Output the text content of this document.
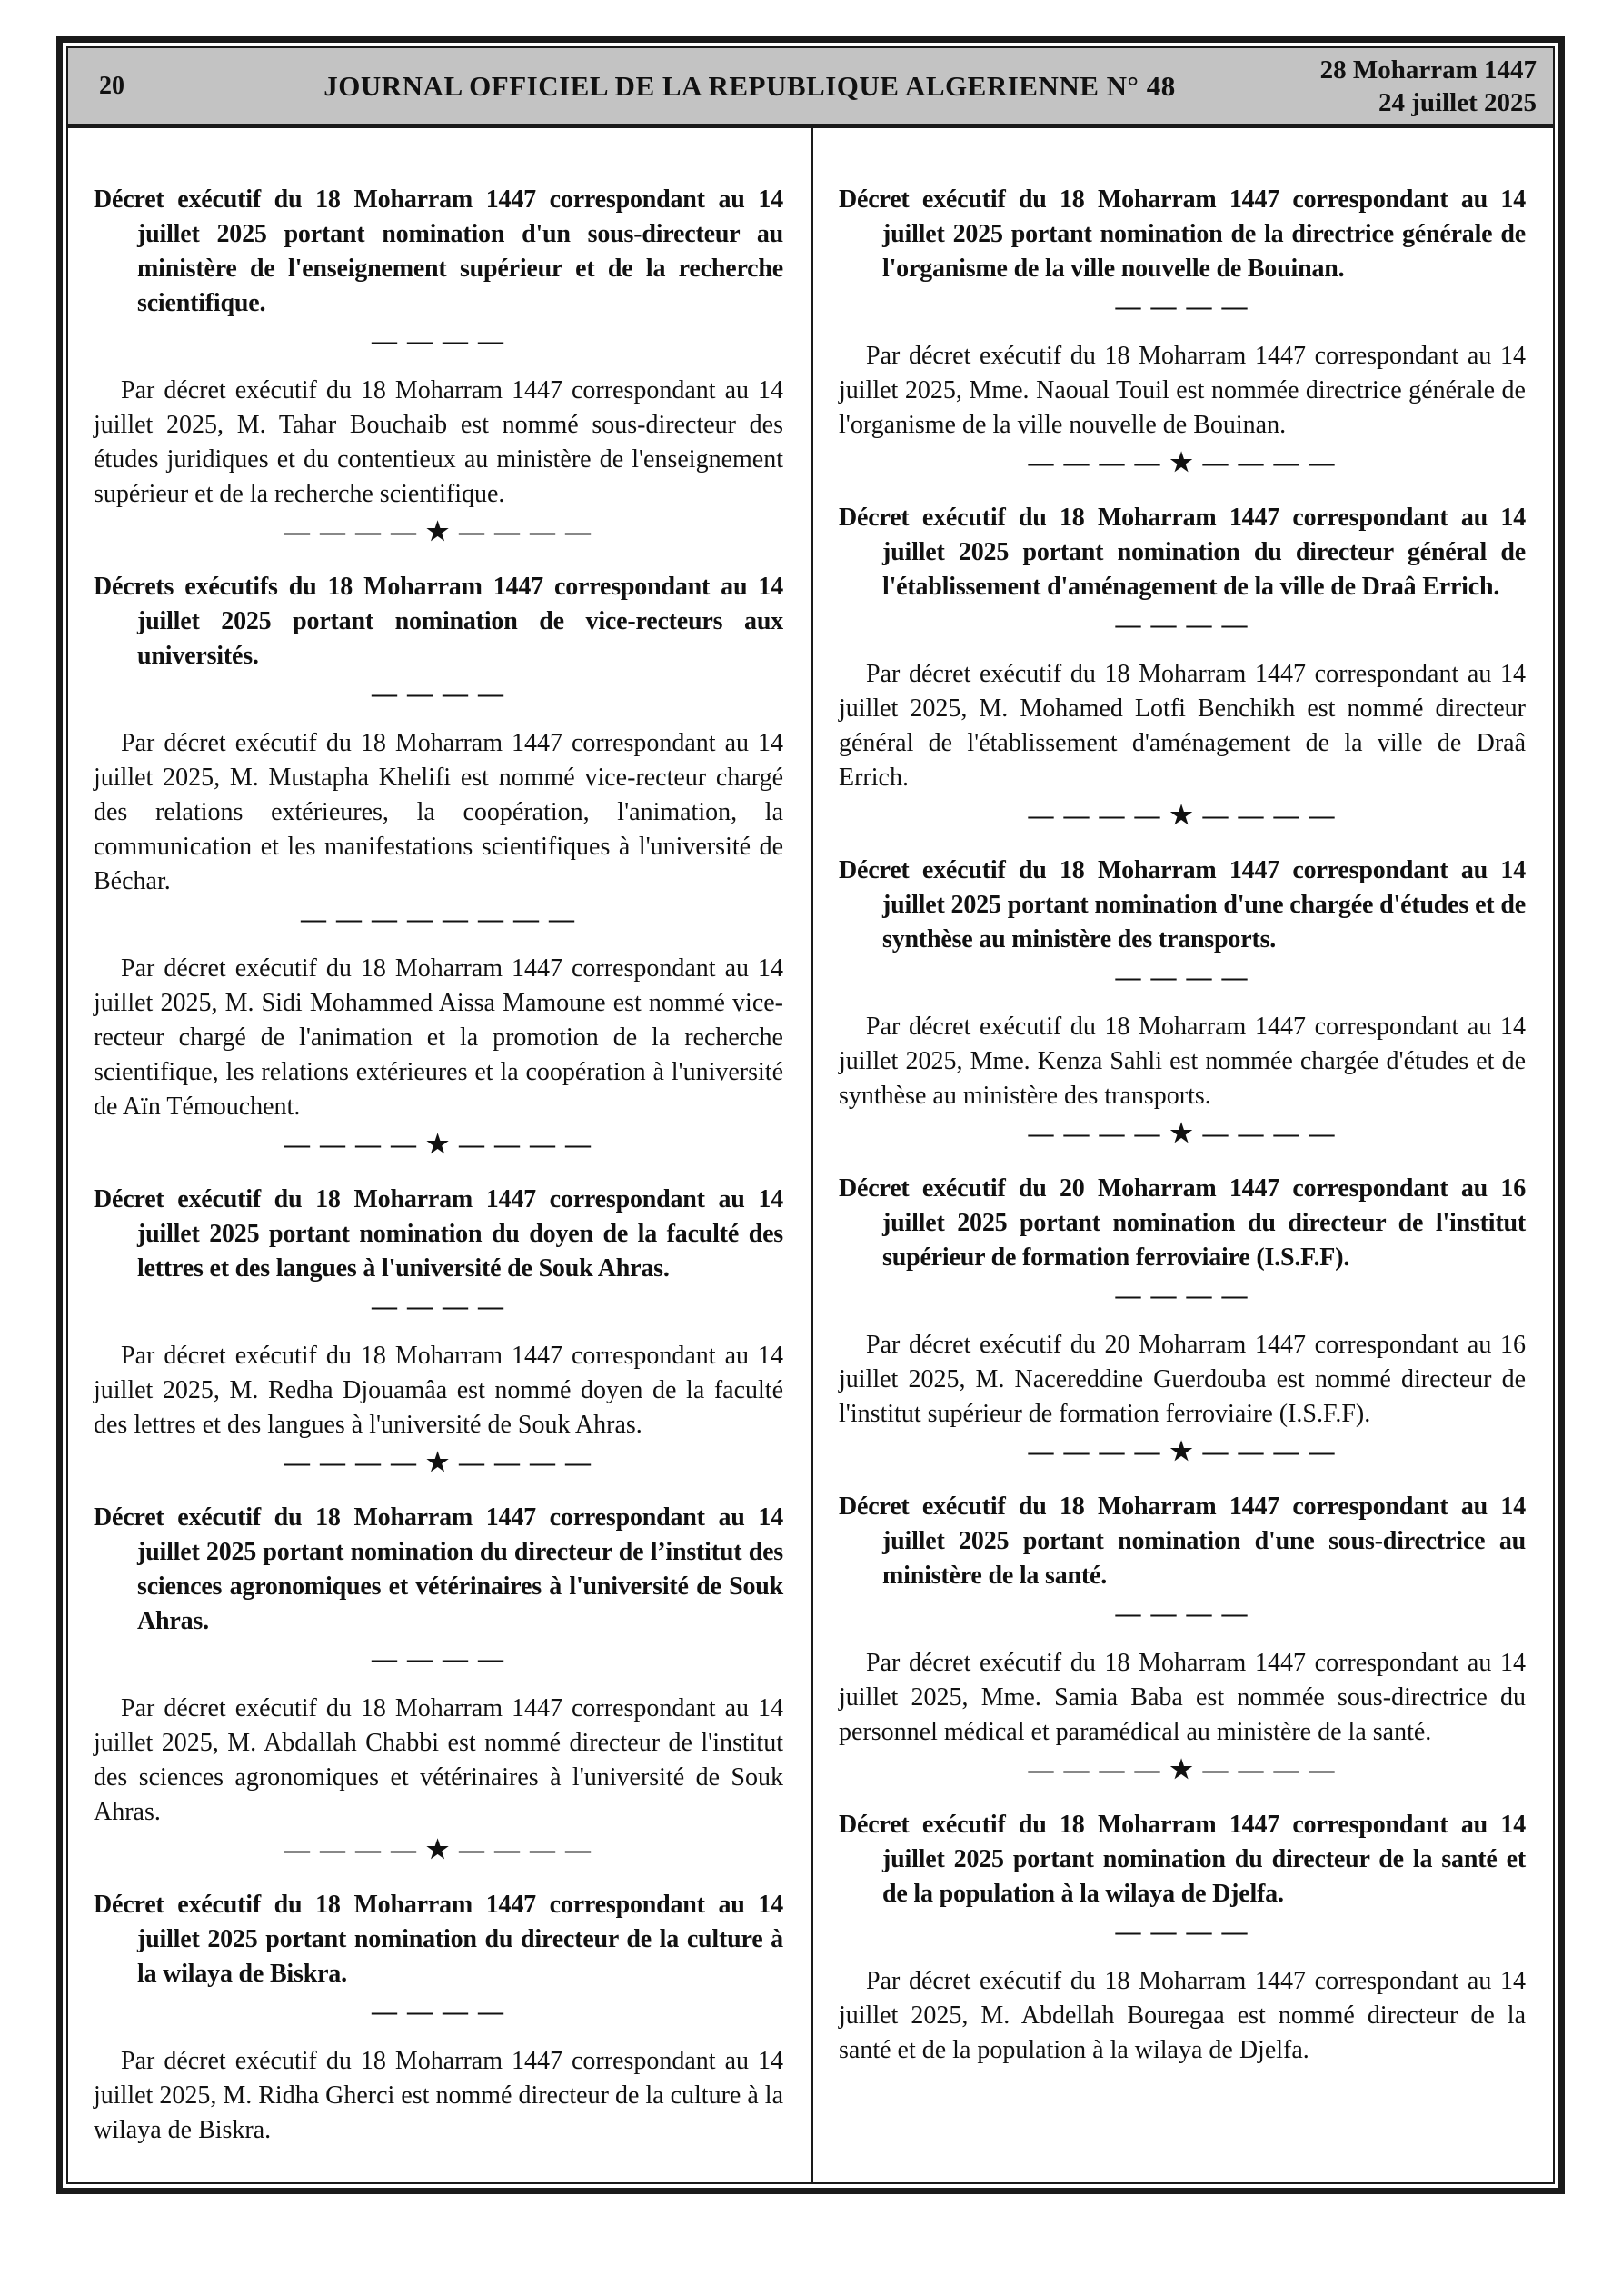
20	JOURNAL OFFICIEL DE LA REPUBLIQUE ALGERIENNE N° 48	28 Moharram 1447
24 juillet 2025
Décret exécutif du 18 Moharram 1447 correspondant au 14 juillet 2025 portant nomination d'un sous-directeur au ministère de l'enseignement supérieur et de la recherche scientifique.
— — — —

Par décret exécutif du 18 Moharram 1447 correspondant au 14 juillet 2025, M. Tahar Bouchaib est nommé sous-directeur des études juridiques et du contentieux au ministère de l'enseignement supérieur et de la recherche scientifique.

— — — — ★ — — — —
Décrets exécutifs du 18 Moharram 1447 correspondant au 14 juillet 2025 portant nomination de vice-recteurs aux universités.
— — — —

Par décret exécutif du 18 Moharram 1447 correspondant au 14 juillet 2025, M. Mustapha Khelifi est nommé vice-recteur chargé des relations extérieures, la coopération, l'animation, la communication et les manifestations scientifiques à l'université de Béchar.

— — — — — — — —

Par décret exécutif du 18 Moharram 1447 correspondant au 14 juillet 2025, M. Sidi Mohammed Aissa Mamoune est nommé vice-recteur chargé de l'animation et la promotion de la recherche scientifique, les relations extérieures et la coopération à l'université de Aïn Témouchent.

— — — — ★ — — — —
Décret exécutif du 18 Moharram 1447 correspondant au 14 juillet 2025 portant nomination du doyen de la faculté des lettres et des langues à l'université de Souk Ahras.
— — — —

Par décret exécutif du 18 Moharram 1447 correspondant au 14 juillet 2025, M. Redha Djouamâa est nommé doyen de la faculté des lettres et des langues à l'université de Souk Ahras.

— — — — ★ — — — —
Décret exécutif du 18 Moharram 1447 correspondant au 14 juillet 2025 portant nomination du directeur de l’institut des sciences agronomiques et vétérinaires à l'université de Souk Ahras.
— — — —

Par décret exécutif du 18 Moharram 1447 correspondant au 14 juillet 2025, M. Abdallah Chabbi est nommé directeur de l'institut des sciences agronomiques et vétérinaires à l'université de Souk Ahras.

— — — — ★ — — — —
Décret exécutif du 18 Moharram 1447 correspondant au 14 juillet 2025 portant nomination du directeur de la culture à la wilaya de Biskra.
— — — —

Par décret exécutif du 18 Moharram 1447 correspondant au 14 juillet 2025, M. Ridha Gherci est nommé directeur de la culture à la wilaya de Biskra.

Décret exécutif du 18 Moharram 1447 correspondant au 14 juillet 2025 portant nomination de la directrice générale de l'organisme de la ville nouvelle de Bouinan.
— — — —

Par décret exécutif du 18 Moharram 1447 correspondant au 14 juillet 2025, Mme. Naoual Touil est nommée directrice générale de l'organisme de la ville nouvelle de Bouinan.

— — — — ★ — — — —
Décret exécutif du 18 Moharram 1447 correspondant au 14 juillet 2025 portant nomination du directeur général de l'établissement d'aménagement de la ville de Draâ Errich.
— — — —

Par décret exécutif du 18 Moharram 1447 correspondant au 14 juillet 2025, M. Mohamed Lotfi Benchikh est nommé directeur général de l'établissement d'aménagement de la ville de Draâ Errich.

— — — — ★ — — — —
Décret exécutif du 18 Moharram 1447 correspondant au 14 juillet 2025 portant nomination d'une chargée d'études et de synthèse au ministère des transports.
— — — —

Par décret exécutif du 18 Moharram 1447 correspondant au 14 juillet 2025, Mme. Kenza Sahli est nommée chargée d'études et de synthèse au ministère des transports.

— — — — ★ — — — —
Décret exécutif du 20 Moharram 1447 correspondant au 16 juillet 2025 portant nomination du directeur de l'institut supérieur de formation ferroviaire (I.S.F.F).
— — — —

Par décret exécutif du 20 Moharram 1447 correspondant au 16 juillet 2025, M. Nacereddine Guerdouba est nommé directeur de l'institut supérieur de formation ferroviaire (I.S.F.F).

— — — — ★ — — — —
Décret exécutif du 18 Moharram 1447 correspondant au 14 juillet 2025 portant nomination d'une sous-directrice au ministère de la santé.
— — — —

Par décret exécutif du 18 Moharram 1447 correspondant au 14 juillet 2025, Mme. Samia Baba est nommée sous-directrice du personnel médical et paramédical au ministère de la santé.

— — — — ★ — — — —
Décret exécutif du 18 Moharram 1447 correspondant au 14 juillet 2025 portant nomination du directeur de la santé et de la population à la wilaya de Djelfa.
— — — —

Par décret exécutif du 18 Moharram 1447 correspondant au 14 juillet 2025, M. Abdellah Bouregaa est nommé directeur de la santé et de la population à la wilaya de Djelfa.
